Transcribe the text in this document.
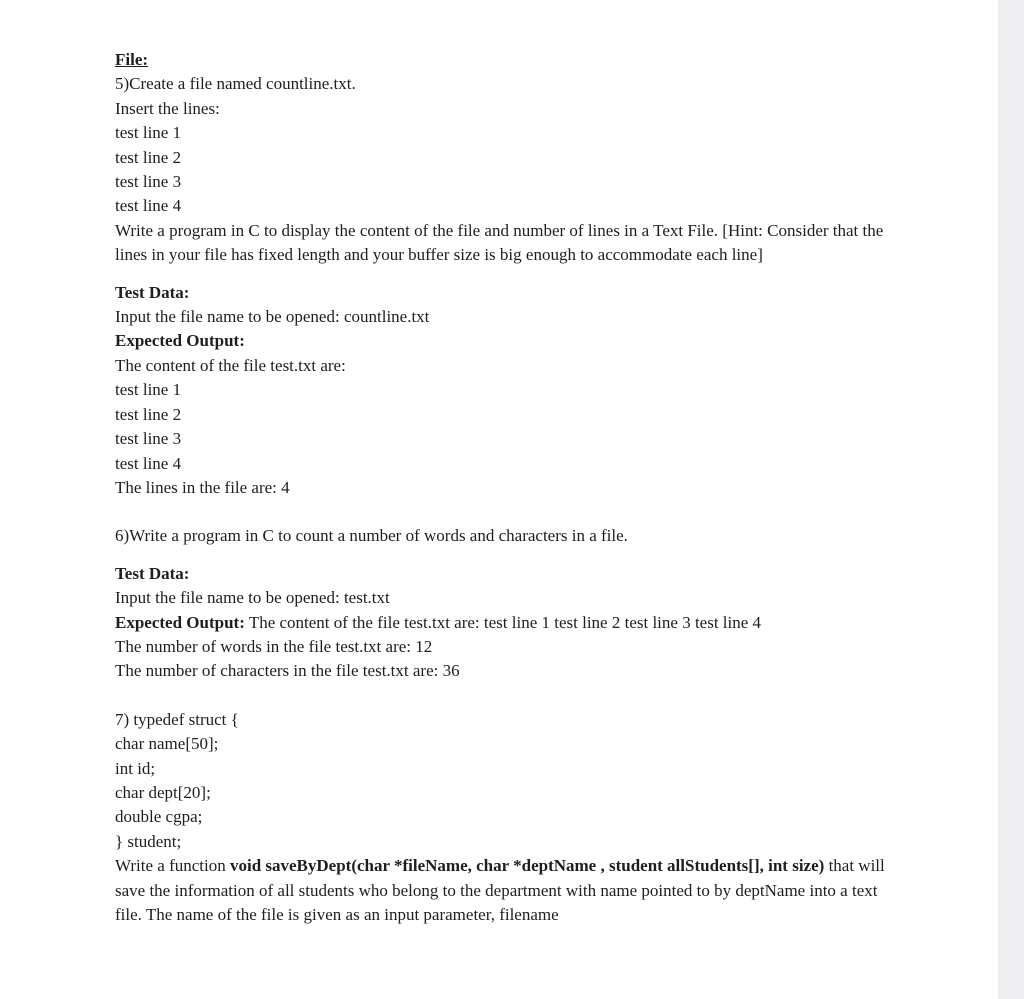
File:
5)Create a file named countline.txt.
Insert the lines:
test line 1
test line 2
test line 3
test line 4
Write a program in C to display the content of the file and number of lines in a Text File. [Hint: Consider that the lines in your file has fixed length and your buffer size is big enough to accommodate each line]
Test Data:
Input the file name to be opened: countline.txt
Expected Output:
The content of the file test.txt are:
test line 1
test line 2
test line 3
test line 4
The lines in the file are: 4
6)Write a program in C to count a number of words and characters in a file.
Test Data:
Input the file name to be opened: test.txt
Expected Output: The content of the file test.txt are: test line 1 test line 2 test line 3 test line 4
The number of words in the file test.txt are: 12
The number of characters in the file test.txt are: 36
7) typedef struct {
char name[50];
int id;
char dept[20];
double cgpa;
} student;
Write a function void saveByDept(char *fileName, char *deptName , student allStudents[], int size) that will save the information of all students who belong to the department with name pointed to by deptName into a text file. The name of the file is given as an input parameter, filename
